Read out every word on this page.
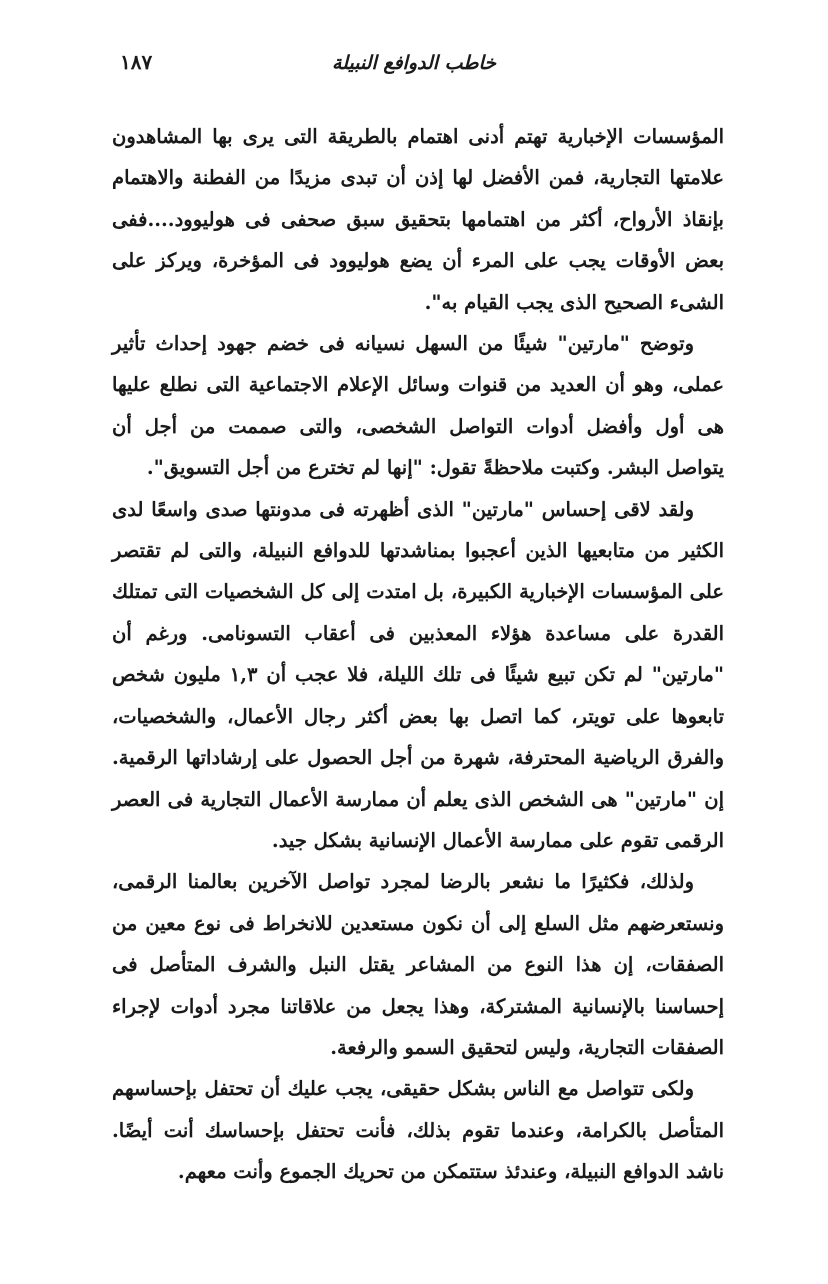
١٨٧	خاطب الدوافع النبيلة

المؤسسات الإخبارية تهتم أدنى اهتمام بالطريقة التى يرى بها المشاهدون علامتها التجارية، فمن الأفضل لها إذن أن تبدى مزيدًا من الفطنة والاهتمام بإنقاذ الأرواح، أكثر من اهتمامها بتحقيق سبق صحفى فى هوليوود....ففى بعض الأوقات يجب على المرء أن يضع هوليوود فى المؤخرة، ويركز على الشىء الصحيح الذى يجب القيام به".

وتوضح "مارتين" شيئًا من السهل نسيانه فى خضم جهود إحداث تأثير عملى، وهو أن العديد من قنوات وسائل الإعلام الاجتماعية التى نطلع عليها هى أول وأفضل أدوات التواصل الشخصى، والتى صممت من أجل أن يتواصل البشر. وكتبت ملاحظةً تقول: "إنها لم تخترع من أجل التسويق".

ولقد لاقى إحساس "مارتين" الذى أظهرته فى مدونتها صدى واسعًا لدى الكثير من متابعيها الذين أعجبوا بمناشدتها للدوافع النبيلة، والتى لم تقتصر على المؤسسات الإخبارية الكبيرة، بل امتدت إلى كل الشخصيات التى تمتلك القدرة على مساعدة هؤلاء المعذبين فى أعقاب التسونامى. ورغم أن "مارتين" لم تكن تبيع شيئًا فى تلك الليلة، فلا عجب أن ١,٣ مليون شخص تابعوها على تويتر، كما اتصل بها بعض أكثر رجال الأعمال، والشخصيات، والفرق الرياضية المحترفة، شهرة من أجل الحصول على إرشاداتها الرقمية. إن "مارتين" هى الشخص الذى يعلم أن ممارسة الأعمال التجارية فى العصر الرقمى تقوم على ممارسة الأعمال الإنسانية بشكل جيد.

ولذلك، فكثيرًا ما نشعر بالرضا لمجرد تواصل الآخرين بعالمنا الرقمى، ونستعرضهم مثل السلع إلى أن نكون مستعدين للانخراط فى نوع معين من الصفقات، إن هذا النوع من المشاعر يقتل النبل والشرف المتأصل فى إحساسنا بالإنسانية المشتركة، وهذا يجعل من علاقاتنا مجرد أدوات لإجراء الصفقات التجارية، وليس لتحقيق السمو والرفعة.

ولكى تتواصل مع الناس بشكل حقيقى، يجب عليك أن تحتفل بإحساسهم المتأصل بالكرامة، وعندما تقوم بذلك، فأنت تحتفل بإحساسك أنت أيضًا. ناشد الدوافع النبيلة، وعندئذ ستتمكن من تحريك الجموع وأنت معهم.
